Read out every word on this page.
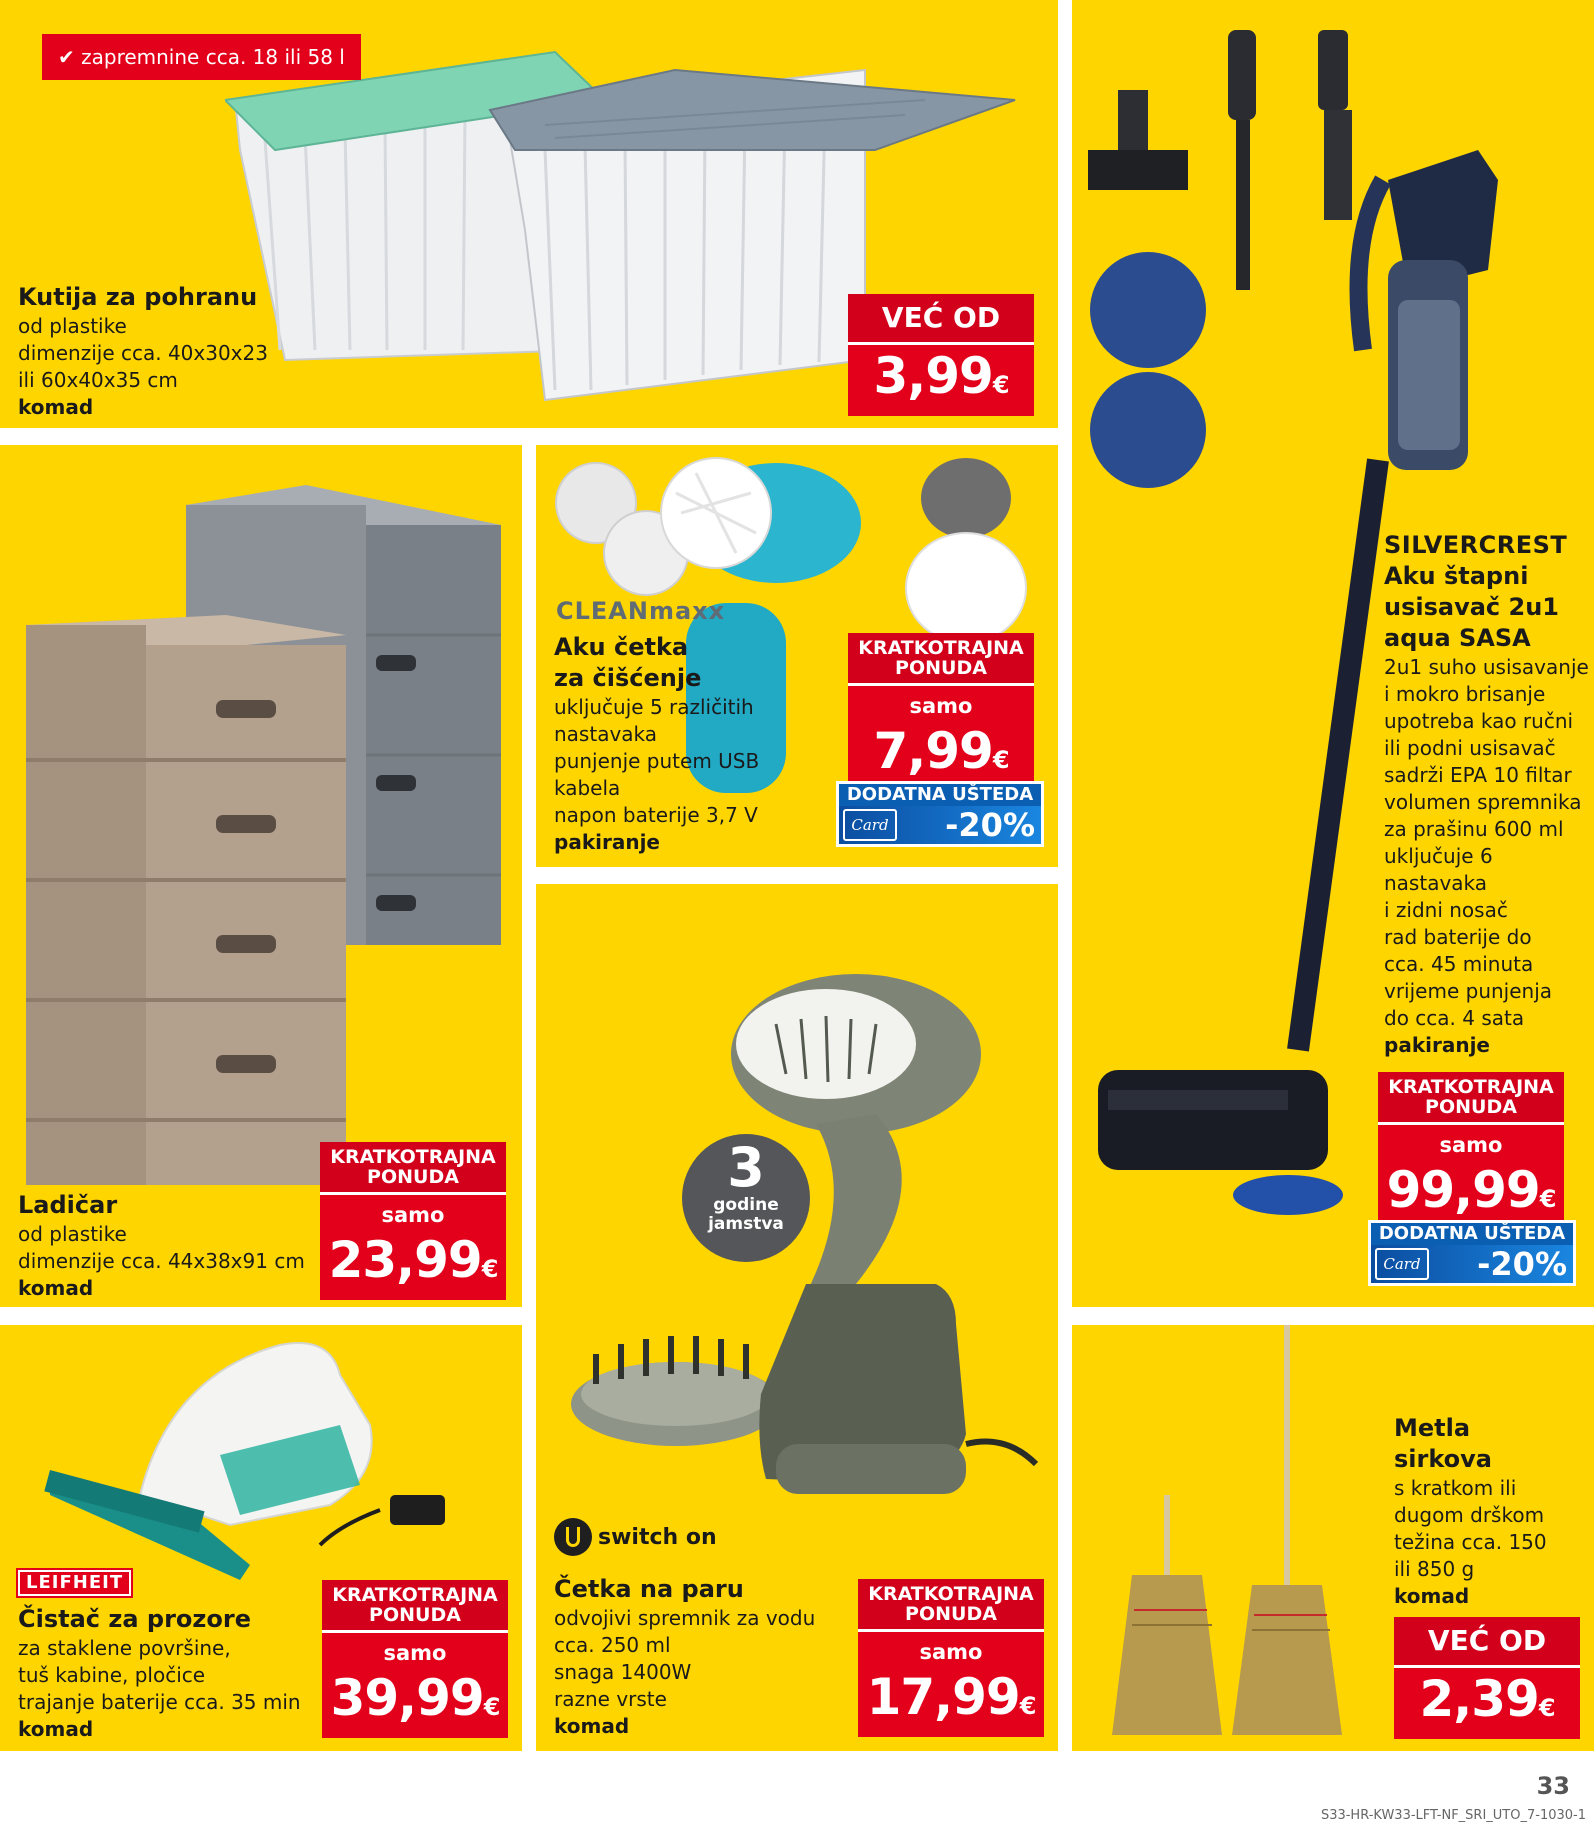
✔ zapremnine cca. 18 ili 58 l
Kutija za pohranu
od plastike
dimenzije cca. 40x30x23
ili 60x40x35 cm
komad
VEĆ OD
3,99€
SILVERCREST
Aku štapni
usisavač 2u1
aqua SASA
2u1 suho usisavanje
i mokro brisanje
upotreba kao ručni
ili podni usisavač
sadrži EPA 10 filtar
volumen spremnika
za prašinu 600 ml
uključuje 6
nastavaka
i zidni nosač
rad baterije do
cca. 45 minuta
vrijeme punjenja
do cca. 4 sata
pakiranje
KRATKOTRAJNA PONUDA
samo
99,99€
DODATNA UŠTEDA
Card -20%
Ladičar
od plastike
dimenzije cca. 44x38x91 cm
komad
KRATKOTRAJNA PONUDA
samo
23,99€
CLEANmaxx
Aku četka
za čišćenje
uključuje 5 različitih
nastavaka
punjenje putem USB
kabela
napon baterije 3,7 V
pakiranje
KRATKOTRAJNA PONUDA
samo
7,99€
DODATNA UŠTEDA
Card -20%
3
godine jamstva
switch on
Četka na paru
odvojivi spremnik za vodu
cca. 250 ml
snaga 1400W
razne vrste
komad
KRATKOTRAJNA PONUDA
samo
17,99€
LEIFHEIT
Čistač za prozore
za staklene površine,
tuš kabine, pločice
trajanje baterije cca. 35 min
komad
KRATKOTRAJNA PONUDA
samo
39,99€
Metla
sirkova
s kratkom ili
dugom drškom
težina cca. 150
ili 850 g
komad
VEĆ OD
2,39€
33
S33-HR-KW33-LFT-NF_SRI_UTO_7-1030-1
